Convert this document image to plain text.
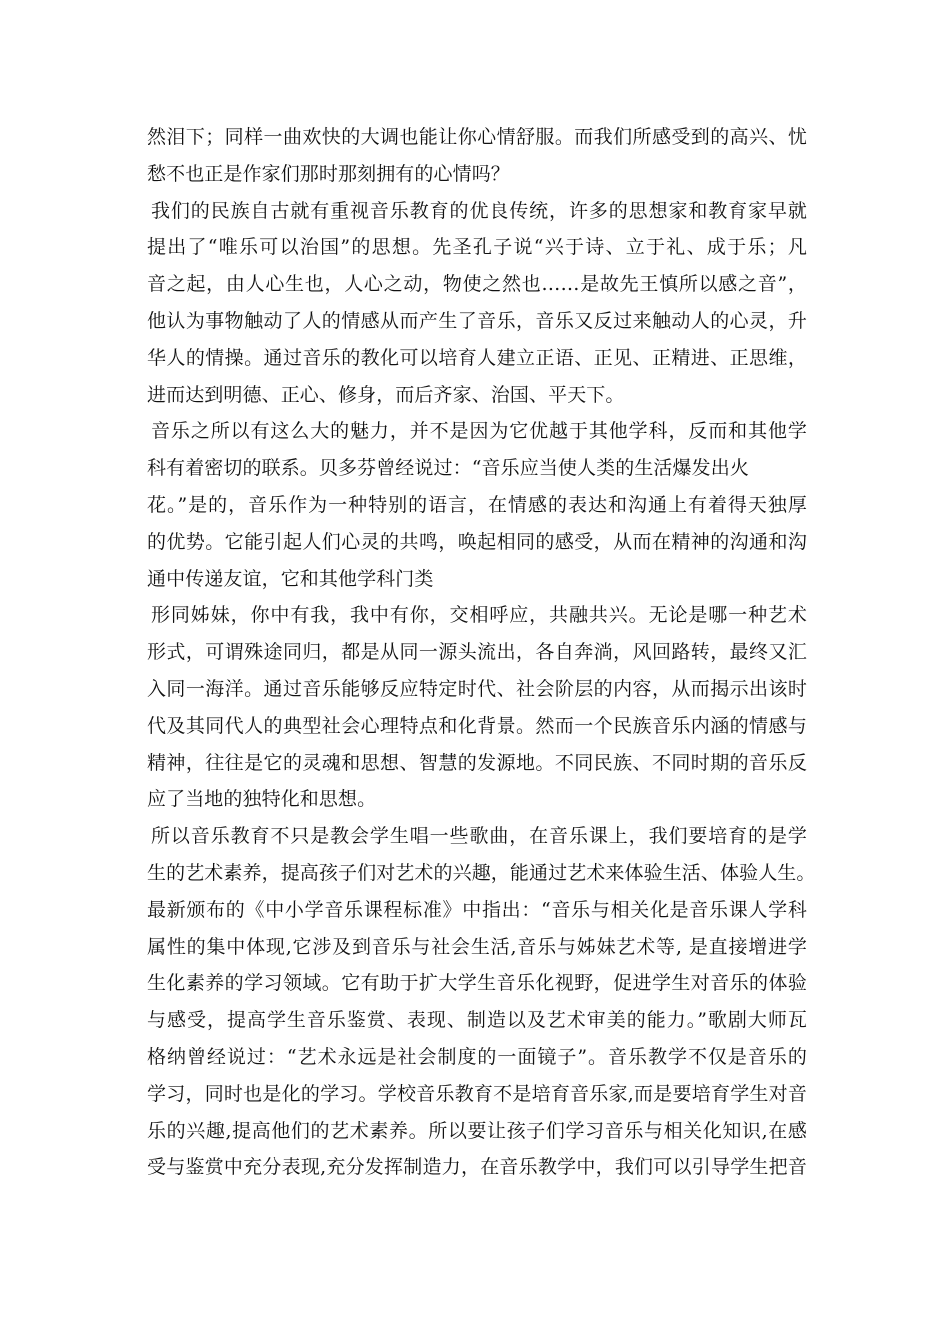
然泪下；同样一曲欢快的大调也能让你心情舒服。而我们所感受到的高兴、忧
愁不也正是作家们那时那刻拥有的心情吗？
我们的民族自古就有重视音乐教育的优良传统，许多的思想家和教育家早就
提出了“唯乐可以治国”的思想。先圣孔子说“兴于诗、立于礼、成于乐；凡
音之起，由人心生也，人心之动，物使之然也……是故先王慎所以感之音”，
他认为事物触动了人的情感从而产生了音乐，音乐又反过来触动人的心灵，升
华人的情操。通过音乐的教化可以培育人建立正语、正见、正精进、正思维，
进而达到明德、正心、修身，而后齐家、治国、平天下。
音乐之所以有这么大的魅力，并不是因为它优越于其他学科，反而和其他学
科有着密切的联系。贝多芬曾经说过：“音乐应当使人类的生活爆发出火
花。”是的，音乐作为一种特别的语言，在情感的表达和沟通上有着得天独厚
的优势。它能引起人们心灵的共鸣，唤起相同的感受，从而在精神的沟通和沟
通中传递友谊，它和其他学科门类
形同姊妹，你中有我，我中有你，交相呼应，共融共兴。无论是哪一种艺术
形式，可谓殊途同归，都是从同一源头流出，各自奔淌，风回路转，最终又汇
入同一海洋。通过音乐能够反应特定时代、社会阶层的内容，从而揭示出该时
代及其同代人的典型社会心理特点和化背景。然而一个民族音乐内涵的情感与
精神，往往是它的灵魂和思想、智慧的发源地。不同民族、不同时期的音乐反
应了当地的独特化和思想。
所以音乐教育不只是教会学生唱一些歌曲，在音乐课上，我们要培育的是学
生的艺术素养，提高孩子们对艺术的兴趣，能通过艺术来体验生活、体验人生。
最新颁布的《中小学音乐课程标准》中指出：“音乐与相关化是音乐课人学科
属性的集中体现,它涉及到音乐与社会生活,音乐与姊妹艺术等, 是直接增进学
生化素养的学习领域。它有助于扩大学生音乐化视野，促进学生对音乐的体验
与感受，提高学生音乐鉴赏、表现、制造以及艺术审美的能力。”歌剧大师瓦
格纳曾经说过：“艺术永远是社会制度的一面镜子”。音乐教学不仅是音乐的
学习，同时也是化的学习。学校音乐教育不是培育音乐家,而是要培育学生对音
乐的兴趣,提高他们的艺术素养。所以要让孩子们学习音乐与相关化知识,在感
受与鉴赏中充分表现,充分发挥制造力，在音乐教学中，我们可以引导学生把音
